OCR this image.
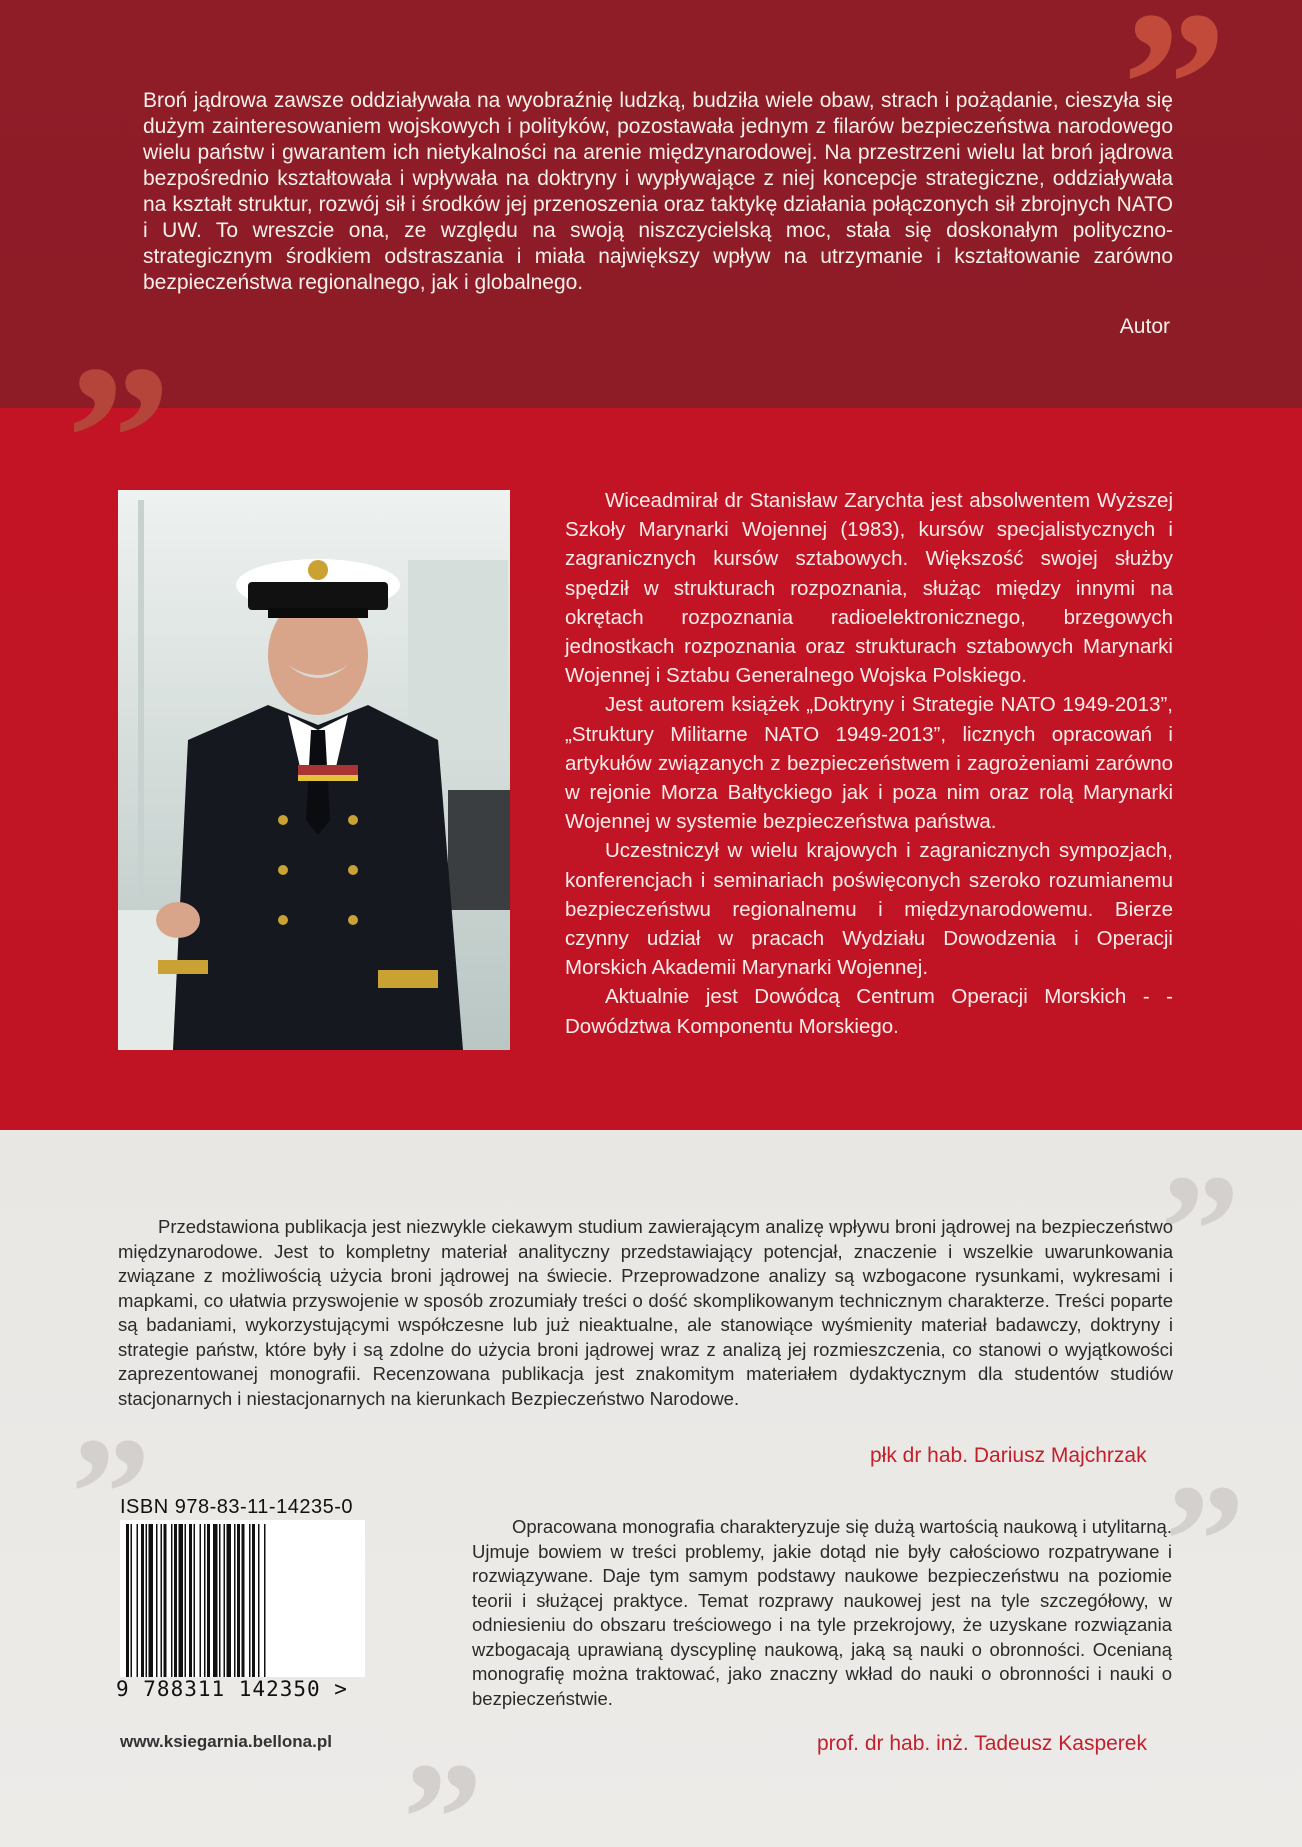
”
„
”
„
”
„
Broń jądrowa zawsze oddziaływała na wyobraźnię ludzką, budziła wiele obaw, strach i pożądanie, cieszyła się dużym zainteresowaniem wojskowych i polityków, pozostawała jednym z filarów bezpieczeństwa narodowego wielu państw i gwarantem ich nietykalności na arenie międzynarodowej. Na przestrzeni wielu lat broń jądrowa bezpośrednio kształtowała i wpływała na doktryny i wypływające z niej koncepcje strategiczne, oddziaływała na kształt struktur, rozwój sił i środków jej przenoszenia oraz taktykę działania połączonych sił zbrojnych NATO i UW. To wreszcie ona, ze względu na swoją niszczycielską moc, stała się doskonałym polityczno-strategicznym środkiem odstraszania i miała największy wpływ na utrzymanie i kształtowanie zarówno bezpieczeństwa regionalnego, jak i globalnego.
Autor

Wiceadmirał dr Stanisław Zarychta jest absolwentem Wyższej Szkoły Marynarki Wojennej (1983), kursów specjalistycznych i zagranicznych kursów sztabowych. Większość swojej służby spędził w strukturach rozpoznania, służąc między innymi na okrętach rozpoznania radioelektronicznego, brzegowych jednostkach rozpoznania oraz strukturach sztabowych Marynarki Wojennej i Sztabu Generalnego Wojska Polskiego.

Jest autorem książek „Doktryny i Strategie NATO 1949-2013”, „Struktury Militarne NATO 1949-2013”, licznych opracowań i artykułów związanych z bezpieczeństwem i zagrożeniami zarówno w rejonie Morza Bałtyckiego jak i poza nim oraz rolą Marynarki Wojennej w systemie bezpieczeństwa państwa.

Uczestniczył w wielu krajowych i zagranicznych sympozjach, konferencjach i seminariach poświęconych szeroko rozumianemu bezpieczeństwu regionalnemu i międzynarodowemu. Bierze czynny udział w pracach Wydziału Dowodzenia i Operacji Morskich Akademii Marynarki Wojennej.

Aktualnie jest Dowódcą Centrum Operacji Morskich - - Dowództwa Komponentu Morskiego.

Przedstawiona publikacja jest niezwykle ciekawym studium zawierającym analizę wpływu broni jądrowej na bezpieczeństwo międzynarodowe. Jest to kompletny materiał analityczny przedstawiający potencjał, znaczenie i wszelkie uwarunkowania związane z możliwością użycia broni jądrowej na świecie. Przeprowadzone analizy są wzbogacone rysunkami, wykresami i mapkami, co ułatwia przyswojenie w sposób zrozumiały treści o dość skomplikowanym technicznym charakterze. Treści poparte są badaniami, wykorzystującymi współczesne lub już nieaktualne, ale stanowiące wyśmienity materiał badawczy, doktryny i strategie państw, które były i są zdolne do użycia broni jądrowej wraz z analizą jej rozmieszczenia, co stanowi o wyjątkowości zaprezentowanej monografii. Recenzowana publikacja jest znakomitym materiałem dydaktycznym dla studentów studiów stacjonarnych i niestacjonarnych na kierunkach Bezpieczeństwo Narodowe.

płk dr hab. Dariusz Majchrzak
ISBN 978-83-11-14235-0
9 788311 142350 >

Opracowana monografia charakteryzuje się dużą wartością naukową i utylitarną. Ujmuje bowiem w treści problemy, jakie dotąd nie były całościowo rozpatrywane i rozwiązywane. Daje tym samym podstawy naukowe bezpieczeństwu na poziomie teorii i służącej praktyce. Temat rozprawy naukowej jest na tyle szczegółowy, w odniesieniu do obszaru treściowego i na tyle przekrojowy, że uzyskane rozwiązania wzbogacają uprawianą dyscyplinę naukową, jaką są nauki o obronności. Ocenianą monografię można traktować, jako znaczny wkład do nauki o obronności i nauki o bezpieczeństwie.

prof. dr hab. inż. Tadeusz Kasperek
www.ksiegarnia.bellona.pl
